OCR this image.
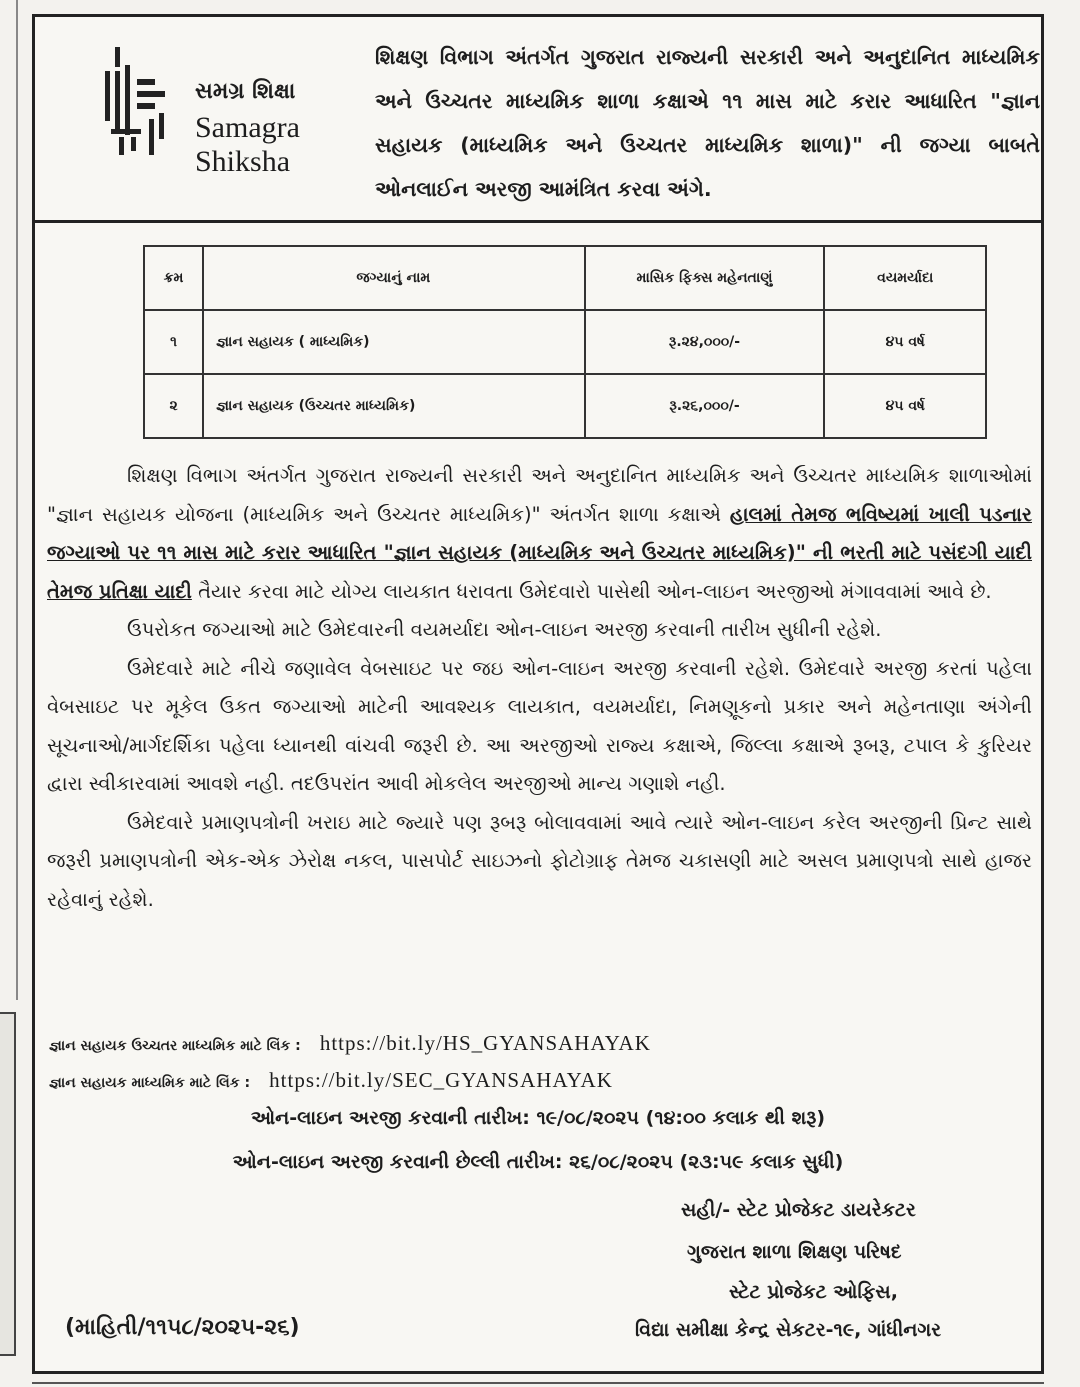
સમગ્ર શિક્ષા
Samagra Shiksha
શિક્ષણ વિભાગ અંતર્ગત ગુજરાત રાજ્યની સરકારી અને અનુદાનિત માધ્યમિક અને ઉચ્ચતર માધ્યમિક શાળા કક્ષાએ ૧૧ માસ માટે કરાર આધારિત "જ્ઞાન સહાયક (માધ્યમિક અને ઉચ્ચતર માધ્યમિક શાળા)" ની જગ્યા બાબતે ઓનલાઈન અરજી આમંત્રિત કરવા અંગે.
ક્રમ	જગ્યાનું નામ	માસિક ફિક્સ મહેનતાણું	વયમર્યાદા
૧	જ્ઞાન સહાયક ( માધ્યમિક)	રૂ.૨૪,૦૦૦/-	૪૫ વર્ષ
૨	જ્ઞાન સહાયક (ઉચ્ચતર માધ્યમિક)	રૂ.૨૬,૦૦૦/-	૪૫ વર્ષ

શિક્ષણ વિભાગ અંતર્ગત ગુજરાત રાજ્યની સરકારી અને અનુદાનિત માધ્યમિક અને ઉચ્ચતર માધ્યમિક શાળાઓમાં "જ્ઞાન સહાયક યોજના (માધ્યમિક અને ઉચ્ચતર માધ્યમિક)" અંતર્ગત શાળા કક્ષાએ હાલમાં તેમજ ભવિષ્યમાં ખાલી પડનાર જગ્યાઓ પર ૧૧ માસ માટે કરાર આધારિત "જ્ઞાન સહાયક (માધ્યમિક અને ઉચ્ચતર માધ્યમિક)" ની ભરતી માટે પસંદગી યાદી તેમજ પ્રતિક્ષા યાદી તૈયાર કરવા માટે યોગ્ય લાયકાત ધરાવતા ઉમેદવારો પાસેથી ઓન-લાઇન અરજીઓ મંગાવવામાં આવે છે.

ઉપરોકત જગ્યાઓ માટે ઉમેદવારની વયમર્યાદા ઓન-લાઇન અરજી કરવાની તારીખ સુધીની રહેશે.

ઉમેદવારે માટે નીચે જણાવેલ વેબસાઇટ પર જઇ ઓન-લાઇન અરજી કરવાની રહેશે. ઉમેદવારે અરજી કરતાં પહેલા વેબસાઇટ પર મૂકેલ ઉકત જગ્યાઓ માટેની આવશ્યક લાયકાત, વયમર્યાદા, નિમણૂકનો પ્રકાર અને મહેનતાણા અંગેની સૂચનાઓ/માર્ગદર્શિકા પહેલા ધ્યાનથી વાંચવી જરૂરી છે. આ અરજીઓ રાજ્ય કક્ષાએ, જિલ્લા કક્ષાએ રૂબરૂ, ટપાલ કે કુરિયર દ્વારા સ્વીકારવામાં આવશે નહી. તદઉપરાંત આવી મોકલેલ અરજીઓ માન્ય ગણાશે નહી.

ઉમેદવારે પ્રમાણપત્રોની ખરાઇ માટે જ્યારે પણ રૂબરૂ બોલાવવામાં આવે ત્યારે ઓન-લાઇન કરેલ અરજીની પ્રિન્ટ સાથે જરૂરી પ્રમાણપત્રોની એક-એક ઝેરોક્ષ નકલ, પાસપોર્ટ સાઇઝનો ફોટોગ્રાફ તેમજ ચકાસણી માટે અસલ પ્રમાણપત્રો સાથે હાજર રહેવાનું રહેશે.

જ્ઞાન સહાયક ઉચ્ચતર માધ્યમિક માટે લિંક : https://bit.ly/HS_GYANSAHAYAK
જ્ઞાન સહાયક માધ્યમિક માટે લિંક : https://bit.ly/SEC_GYANSAHAYAK
ઓન-લાઇન અરજી કરવાની તારીખ: ૧૯/૦૮/૨૦૨૫ (૧૪:૦૦ કલાક થી શરૂ)
ઓન-લાઇન અરજી કરવાની છેલ્લી તારીખ: ૨૬/૦૮/૨૦૨૫ (૨૩:૫૯ કલાક સુધી)
સહી/- સ્ટેટ પ્રોજેકટ ડાયરેકટર
ગુજરાત શાળા શિક્ષણ પરિષદ
સ્ટેટ પ્રોજેકટ ઓફિસ,
વિદ્યા સમીક્ષા કેન્દ્ર સેકટર-૧૯, ગાંધીનગર
(માહિતી/૧૧૫૮/૨૦૨૫-૨૬)
